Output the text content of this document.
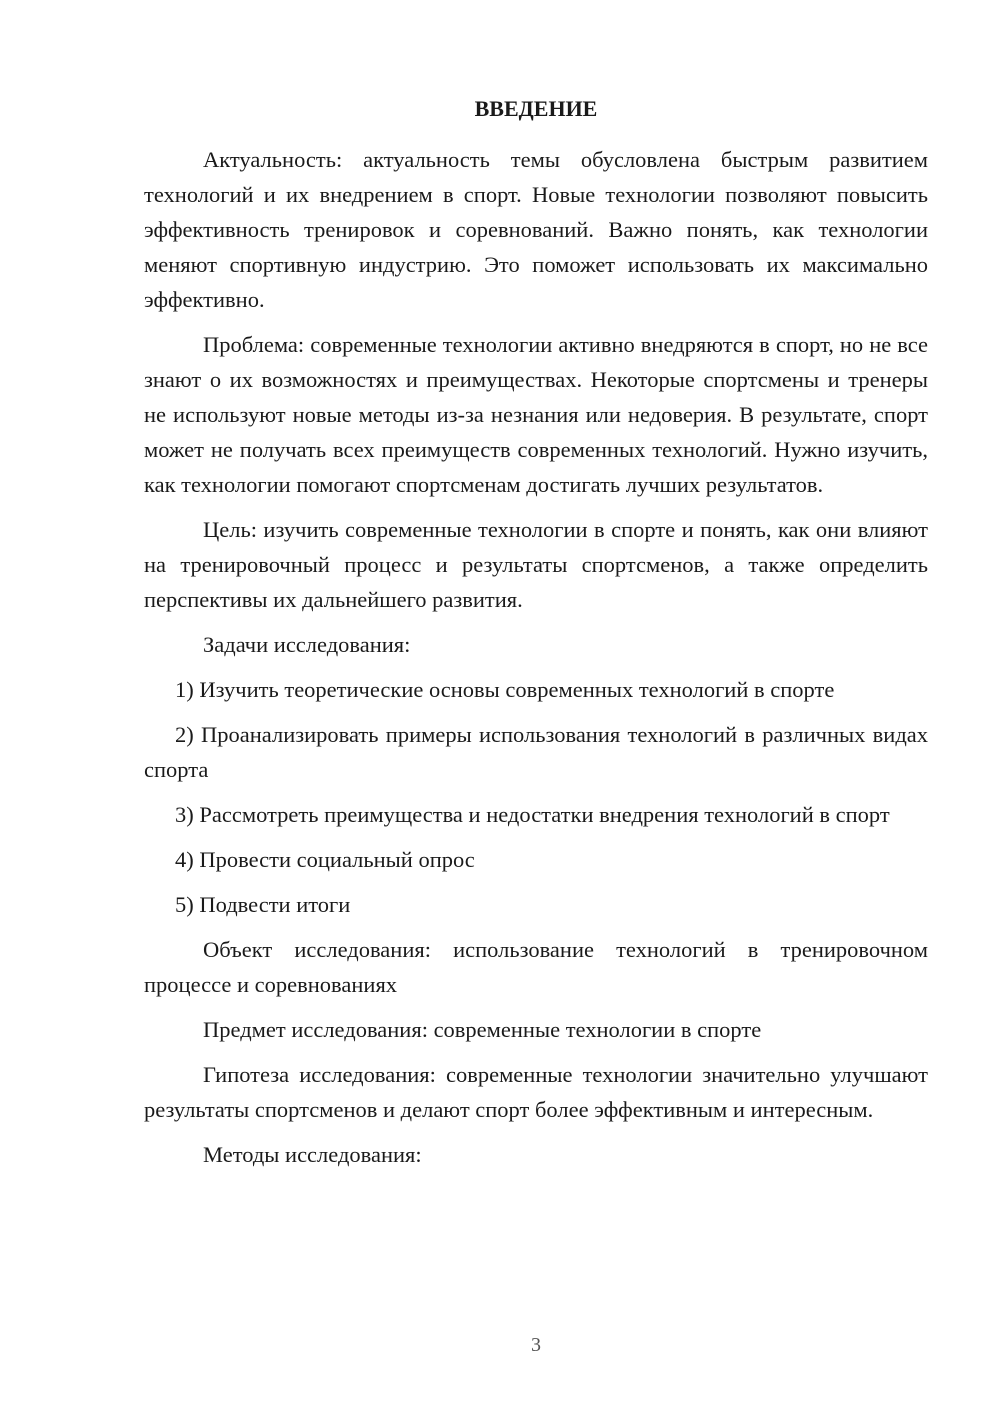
ВВЕДЕНИЕ

Актуальность: актуальность темы обусловлена быстрым развитием технологий и их внедрением в спорт. Новые технологии позволяют повысить эффективность тренировок и соревнований. Важно понять, как технологии меняют спортивную индустрию. Это поможет использовать их максимально эффективно.

Проблема: современные технологии активно внедряются в спорт, но не все знают о их возможностях и преимуществах. Некоторые спортсмены и тренеры не используют новые методы из-за незнания или недоверия. В результате, спорт может не получать всех преимуществ современных технологий. Нужно изучить, как технологии помогают спортсменам достигать лучших результатов.

Цель: изучить современные технологии в спорте и понять, как они влияют на тренировочный процесс и результаты спортсменов, а также определить перспективы их дальнейшего развития.

Задачи исследования:

1) Изучить теоретические основы современных технологий в спорте

2) Проанализировать примеры использования технологий в различных видах спорта

3) Рассмотреть преимущества и недостатки внедрения технологий в спорт

4) Провести социальный опрос

5) Подвести итоги

Объект исследования: использование технологий в тренировочном процессе и соревнованиях

Предмет исследования: современные технологии в спорте

Гипотеза исследования: современные технологии значительно улучшают результаты спортсменов и делают спорт более эффективным и интересным.

Методы исследования:

3
